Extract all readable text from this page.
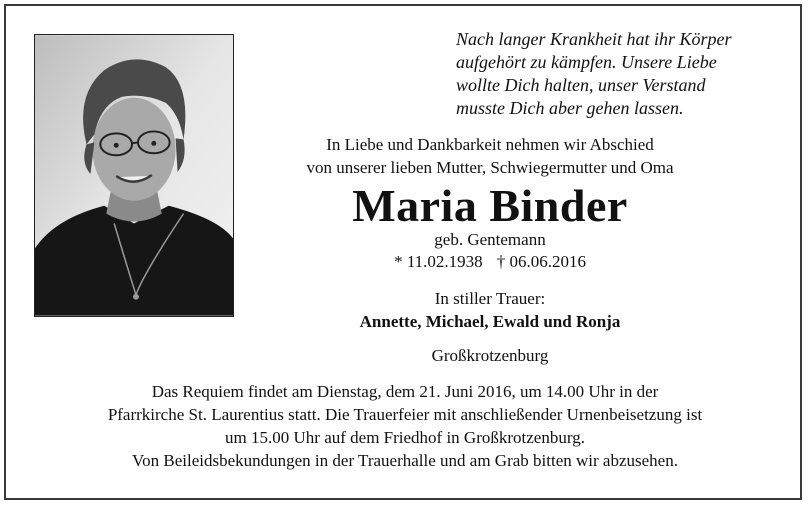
Nach langer Krankheit hat ihr Körper
aufgehört zu kämpfen. Unsere Liebe
wollte Dich halten, unser Verstand
musste Dich aber gehen lassen.
In Liebe und Dankbarkeit nehmen wir Abschied
von unserer lieben Mutter, Schwiegermutter und Oma
Maria Binder
geb. Gentemann
* 11.02.1938 † 06.06.2016
In stiller Trauer:
Annette, Michael, Ewald und Ronja
Großkrotzenburg
Das Requiem findet am Dienstag, dem 21. Juni 2016, um 14.00 Uhr in der
Pfarrkirche St. Laurentius statt. Die Trauerfeier mit anschließender Urnenbeisetzung ist
um 15.00 Uhr auf dem Friedhof in Großkrotzenburg.
Von Beileidsbekundungen in der Trauerhalle und am Grab bitten wir abzusehen.
